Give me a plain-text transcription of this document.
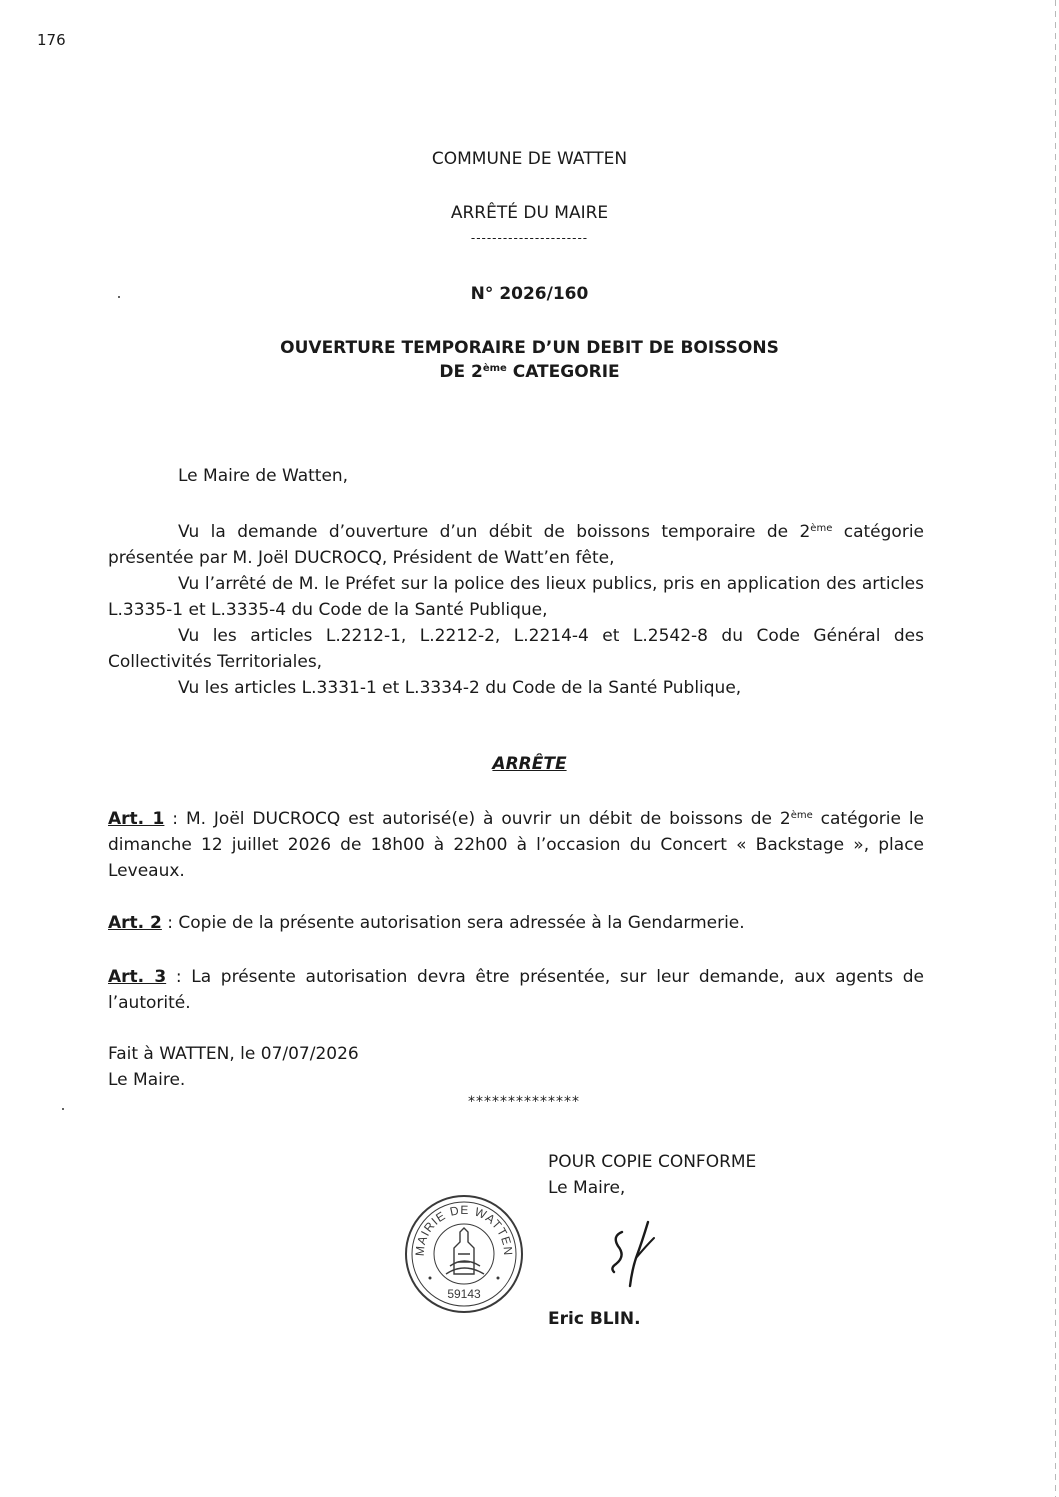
176
COMMUNE DE WATTEN
ARRÊTÉ DU MAIRE
----------------------
N° 2026/160
OUVERTURE TEMPORAIRE D’UN DEBIT DE BOISSONS
DE 2ème CATEGORIE
Le Maire de Watten,
Vu la demande d’ouverture d’un débit de boissons temporaire de 2ème catégorie présentée par M. Joël DUCROCQ, Président de Watt’en fête,
Vu l’arrêté de M. le Préfet sur la police des lieux publics, pris en application des articles L.3335-1 et L.3335-4 du Code de la Santé Publique,
Vu les articles L.2212-1, L.2212-2, L.2214-4 et L.2542-8 du Code Général des Collectivités Territoriales,
Vu les articles L.3331-1 et L.3334-2 du Code de la Santé Publique,
ARRÊTE
Art. 1 : M. Joël DUCROCQ est autorisé(e) à ouvrir un débit de boissons de 2ème catégorie le dimanche 12 juillet 2026 de 18h00 à 22h00 à l’occasion du Concert « Backstage », place Leveaux.
Art. 2 : Copie de la présente autorisation sera adressée à la Gendarmerie.
Art. 3 : La présente autorisation devra être présentée, sur leur demande, aux agents de l’autorité.
Fait à WATTEN, le 07/07/2026
Le Maire.
**************
POUR COPIE CONFORME
Le Maire,
MAIRIE DE WATTEN
59143
Eric BLIN.
